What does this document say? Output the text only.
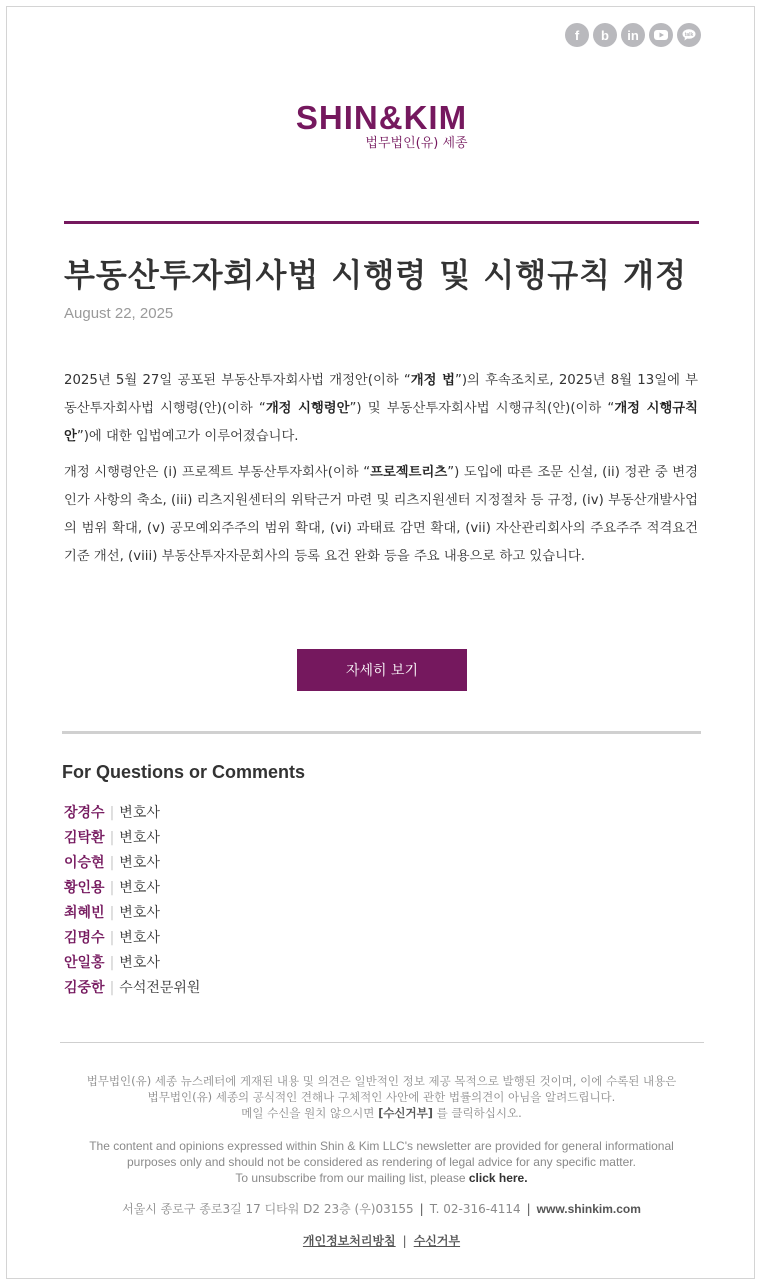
f	b	in	talk
SHIN&KIM
법무법인(유) 세종
부동산투자회사법 시행령 및 시행규칙 개정
August 22, 2025

2025년 5월 27일 공포된 부동산투자회사법 개정안(이하 “개정 법”)의 후속조치로, 2025년 8월 13일에 부동산투자회사법 시행령(안)(이하 “개정 시행령안”) 및 부동산투자회사법 시행규칙(안)(이하 “개정 시행규칙안”)에 대한 입법예고가 이루어졌습니다.

개정 시행령안은 (i) 프로젝트 부동산투자회사(이하 “프로젝트리츠”) 도입에 따른 조문 신설, (ii) 정관 중 변경인가 사항의 축소, (iii) 리츠지원센터의 위탁근거 마련 및 리츠지원센터 지정절차 등 규정, (iv) 부동산개발사업의 범위 확대, (v) 공모예외주주의 범위 확대, (vi) 과태료 감면 확대, (vii) 자산관리회사의 주요주주 적격요건 기준 개선, (viii) 부동산투자자문회사의 등록 요건 완화 등을 주요 내용으로 하고 있습니다.

자세히 보기
For Questions or Comments
장경수 | 변호사
김탁환 | 변호사
이승현 | 변호사
황인용 | 변호사
최혜빈 | 변호사
김명수 | 변호사
안일홍 | 변호사
김중한 | 수석전문위원
법무법인(유) 세종 뉴스레터에 게재된 내용 및 의견은 일반적인 정보 제공 목적으로 발행된 것이며, 이에 수록된 내용은
법무법인(유) 세종의 공식적인 견해나 구체적인 사안에 관한 법률의견이 아님을 알려드립니다.
메일 수신을 원치 않으시면 [수신거부] 를 클릭하십시오.
The content and opinions expressed within Shin & Kim LLC's newsletter are provided for general informational
purposes only and should not be considered as rendering of legal advice for any specific matter.
To unsubscribe from our mailing list, please click here.
서울시 종로구 종로3길 17 디타워 D2 23층 (우)03155 | T. 02-316-4114 | www.shinkim.com
개인정보처리방침 | 수신거부
